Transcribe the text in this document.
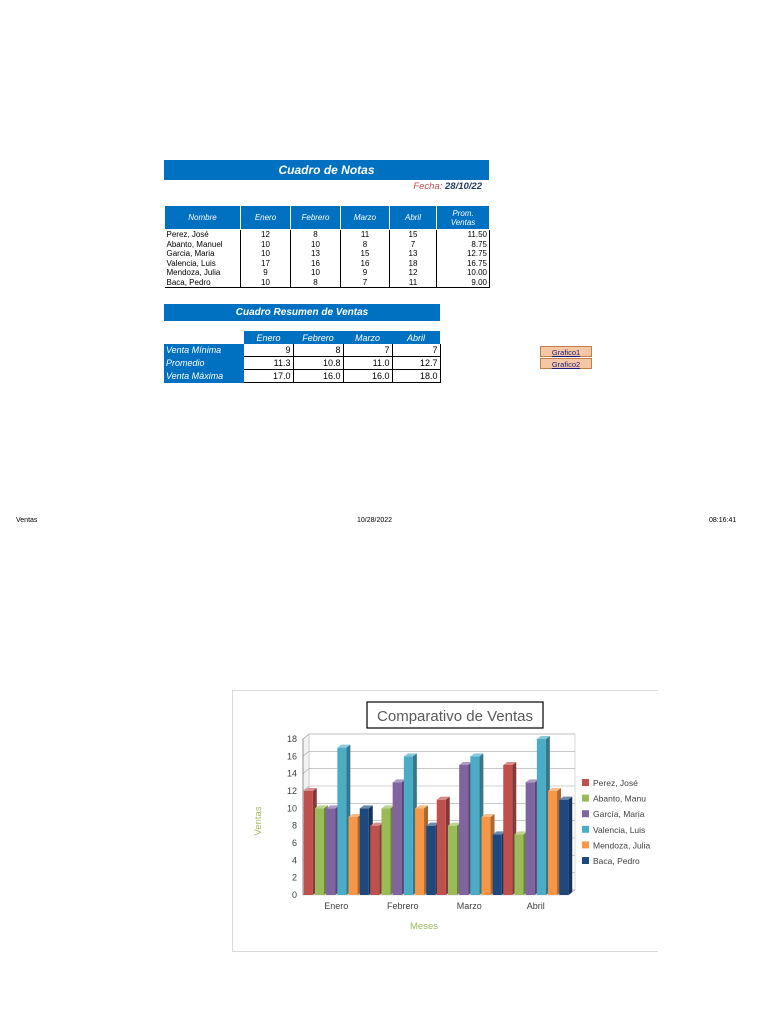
Cuadro de Notas
Fecha: 28/10/22
Nombre	Enero	Febrero	Marzo	Abril	Prom.
Ventas
Perez, José	12	8	11	15	11.50
Abanto, Manuel	10	10	8	7	8.75
Garcia, Maria	10	13	15	13	12.75
Valencia, Luis	17	16	16	18	16.75
Mendoza, Julia	9	10	9	12	10.00
Baca, Pedro	10	8	7	11	9.00
Cuadro Resumen de Ventas
	Enero	Febrero	Marzo	Abril
Venta Mínima	9	8	7	7
Promedio	11.3	10.8	11.0	12.7
Venta Máxima	17.0	16.0	16.0	18.0
Grafico1
Grafico2
Ventas	10/28/2022	08:16:41
0
2
4
6
8
10
12
14
16
18
Enero	Febrero	Marzo	Abril
Comparativo de Ventas
Ventas
Meses
Perez, José
Abanto, Manu
García, Maria
Valencia, Luis
Mendoza, Julia
Baca, Pedro
